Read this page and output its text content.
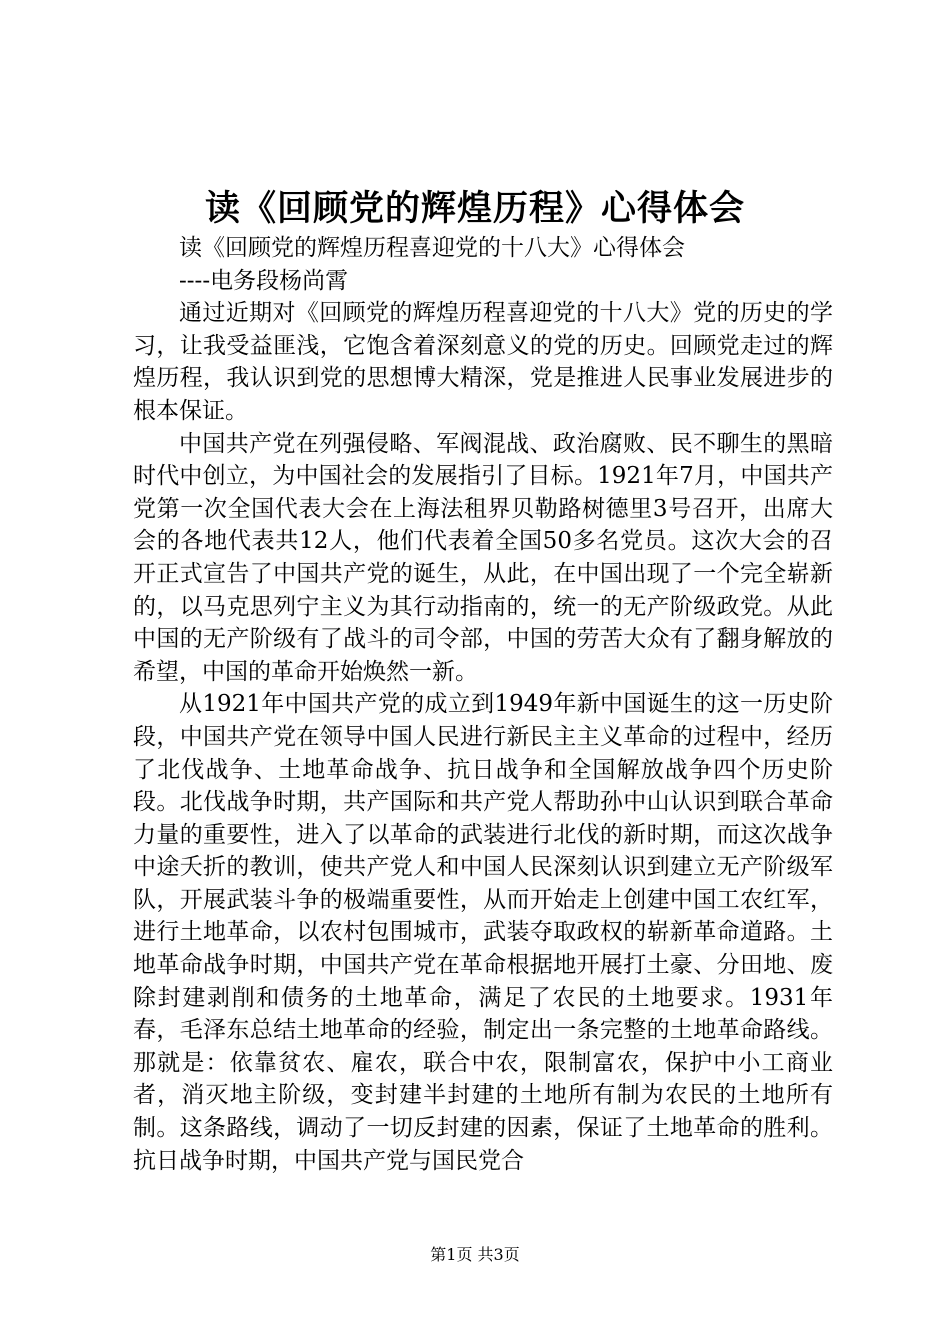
读《回顾党的辉煌历程》心得体会

读《回顾党的辉煌历程喜迎党的十八大》心得体会

----电务段杨尚霄

通过近期对《回顾党的辉煌历程喜迎党的十八大》党的历史的学习，让我受益匪浅，它饱含着深刻意义的党的历史。回顾党走过的辉煌历程，我认识到党的思想博大精深，党是推进人民事业发展进步的根本保证。

中国共产党在列强侵略、军阀混战、政治腐败、民不聊生的黑暗时代中创立，为中国社会的发展指引了目标。1921年7月，中国共产党第一次全国代表大会在上海法租界贝勒路树德里3号召开，出席大会的各地代表共12人，他们代表着全国50多名党员。这次大会的召开正式宣告了中国共产党的诞生，从此，在中国出现了一个完全崭新的，以马克思列宁主义为其行动指南的，统一的无产阶级政党。从此中国的无产阶级有了战斗的司令部，中国的劳苦大众有了翻身解放的希望，中国的革命开始焕然一新。

从1921年中国共产党的成立到1949年新中国诞生的这一历史阶段，中国共产党在领导中国人民进行新民主主义革命的过程中，经历了北伐战争、土地革命战争、抗日战争和全国解放战争四个历史阶段。北伐战争时期，共产国际和共产党人帮助孙中山认识到联合革命力量的重要性，进入了以革命的武装进行北伐的新时期，而这次战争中途夭折的教训，使共产党人和中国人民深刻认识到建立无产阶级军队，开展武装斗争的极端重要性，从而开始走上创建中国工农红军，进行土地革命，以农村包围城市，武装夺取政权的崭新革命道路。土地革命战争时期，中国共产党在革命根据地开展打土豪、分田地、废除封建剥削和债务的土地革命，满足了农民的土地要求。1931年春，毛泽东总结土地革命的经验，制定出一条完整的土地革命路线。那就是：依靠贫农、雇农，联合中农，限制富农，保护中小工商业者，消灭地主阶级，变封建半封建的土地所有制为农民的土地所有制。这条路线，调动了一切反封建的因素，保证了土地革命的胜利。抗日战争时期，中国共产党与国民党合

第1页 共3页
